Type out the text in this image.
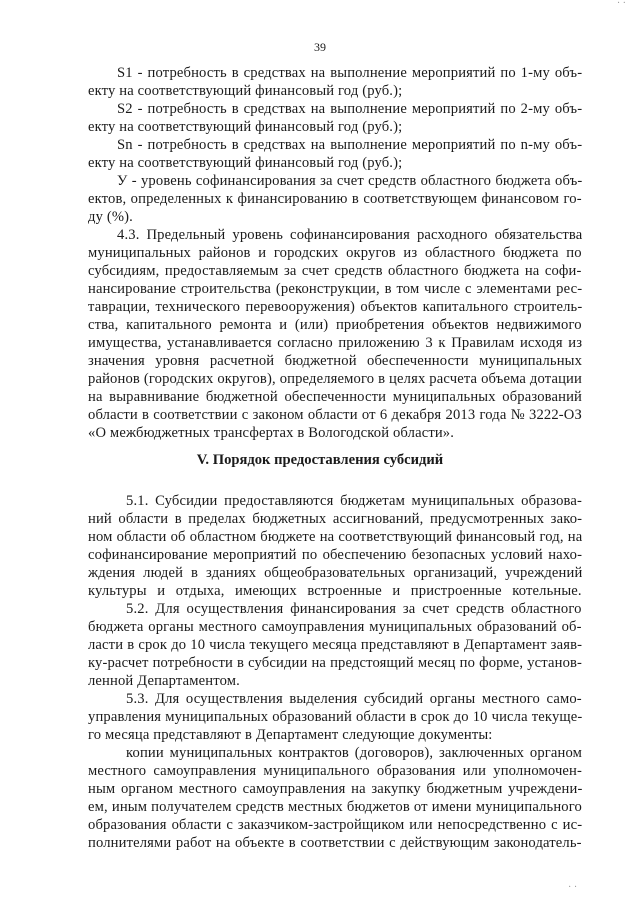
· ·
39
S1 - потребность в средствах на выполнение мероприятий по 1-му объ-
екту на соответствующий финансовый год (руб.);
S2 - потребность в средствах на выполнение мероприятий по 2-му объ-
екту на соответствующий финансовый год (руб.);
Sn - потребность в средствах на выполнение мероприятий по n-му объ-
екту на соответствующий финансовый год (руб.);
У - уровень софинансирования за счет средств областного бюджета объ-
ектов, определенных к финансированию в соответствующем финансовом го-
ду (%).
4.3. Предельный уровень софинансирования расходного обязательства
муниципальных районов и городских округов из областного бюджета по
субсидиям, предоставляемым за счет средств областного бюджета на софи-
нансирование строительства (реконструкции, в том числе с элементами рес-
таврации, технического перевооружения) объектов капитального строитель-
ства, капитального ремонта и (или) приобретения объектов недвижимого
имущества, устанавливается согласно приложению 3 к Правилам исходя из
значения уровня расчетной бюджетной обеспеченности муниципальных
районов (городских округов), определяемого в целях расчета объема дотации
на выравнивание бюджетной обеспеченности муниципальных образований
области в соответствии с законом области от 6 декабря 2013 года № 3222-ОЗ
«О межбюджетных трансфертах в Вологодской области».
V. Порядок предоставления субсидий
5.1. Субсидии предоставляются бюджетам муниципальных образова-
ний области в пределах бюджетных ассигнований, предусмотренных зако-
ном области об областном бюджете на соответствующий финансовый год, на
софинансирование мероприятий по обеспечению безопасных условий нахо-
ждения людей в зданиях общеобразовательных организаций, учреждений
культуры и отдыха, имеющих встроенные и пристроенные котельные.
5.2. Для осуществления финансирования за счет средств областного
бюджета органы местного самоуправления муниципальных образований об-
ласти в срок до 10 числа текущего месяца представляют в Департамент заяв-
ку-расчет потребности в субсидии на предстоящий месяц по форме, установ-
ленной Департаментом.
5.3. Для осуществления выделения субсидий органы местного само-
управления муниципальных образований области в срок до 10 числа текуще-
го месяца представляют в Департамент следующие документы:
копии муниципальных контрактов (договоров), заключенных органом
местного самоуправления муниципального образования или уполномочен-
ным органом местного самоуправления на закупку бюджетным учреждени-
ем, иным получателем средств местных бюджетов от имени муниципального
образования области с заказчиком-застройщиком или непосредственно с ис-
полнителями работ на объекте в соответствии с действующим законодатель-
· ·
